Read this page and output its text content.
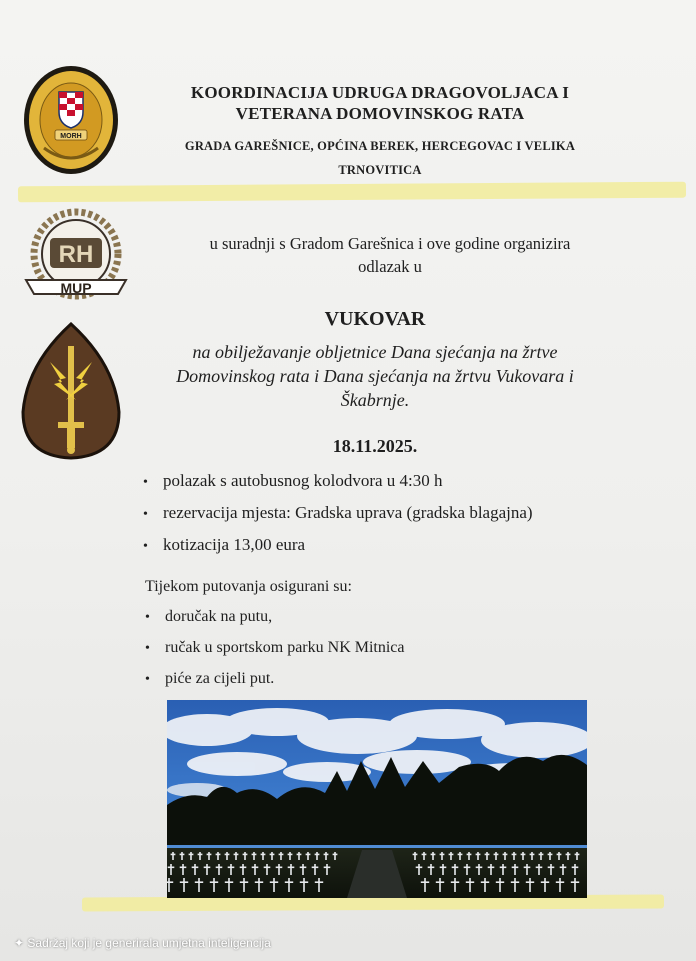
MORH
RH
MUP
KOORDINACIJA UDRUGA DRAGOVOLJACA I
VETERANA DOMOVINSKOG RATA
GRADA GAREŠNICE, OPĆINA BEREK, HERCEGOVAC I VELIKA
TRNOVITICA
u suradnji s Gradom Garešnica i ove godine organizira
odlazak u
VUKOVAR
na obilježavanje obljetnice Dana sjećanja na žrtve
Domovinskog rata i Dana sjećanja na žrtvu Vukovara i
Škabrnje.
18.11.2025.
• polazak s autobusnog kolodvora u 4:30 h
• rezervacija mjesta: Gradska uprava (gradska blagajna)
• kotizacija 13,00 eura
Tijekom putovanja osigurani su:
• doručak na putu,
• ručak u sportskom parku NK Mitnica
• piće za cijeli put.
✦ Sadržaj koji je generirala umjetna inteligencija
